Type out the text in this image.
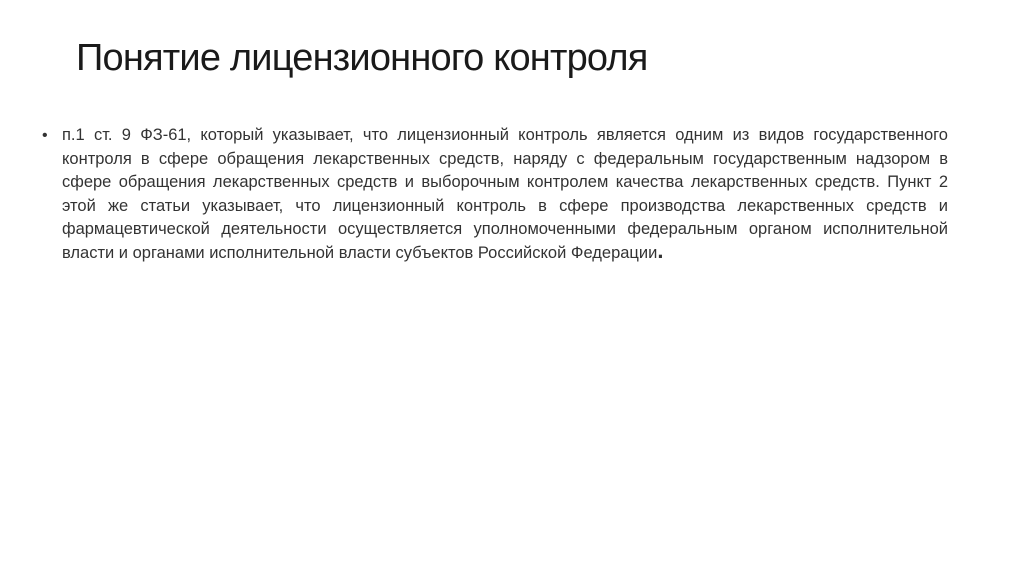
Понятие лицензионного контроля
• п.1 ст. 9 ФЗ-61, который указывает, что лицензионный контроль является одним из видов государственного контроля в сфере обращения лекарственных средств, наряду с федеральным государственным надзором в сфере обращения лекарственных средств и выборочным контролем качества лекарственных средств. Пункт 2 этой же статьи указывает, что лицензионный контроль в сфере производства лекарственных средств и фармацевтической деятельности осуществляется уполномоченными федеральным органом исполнительной власти и органами исполнительной власти субъектов Российской Федерации.
